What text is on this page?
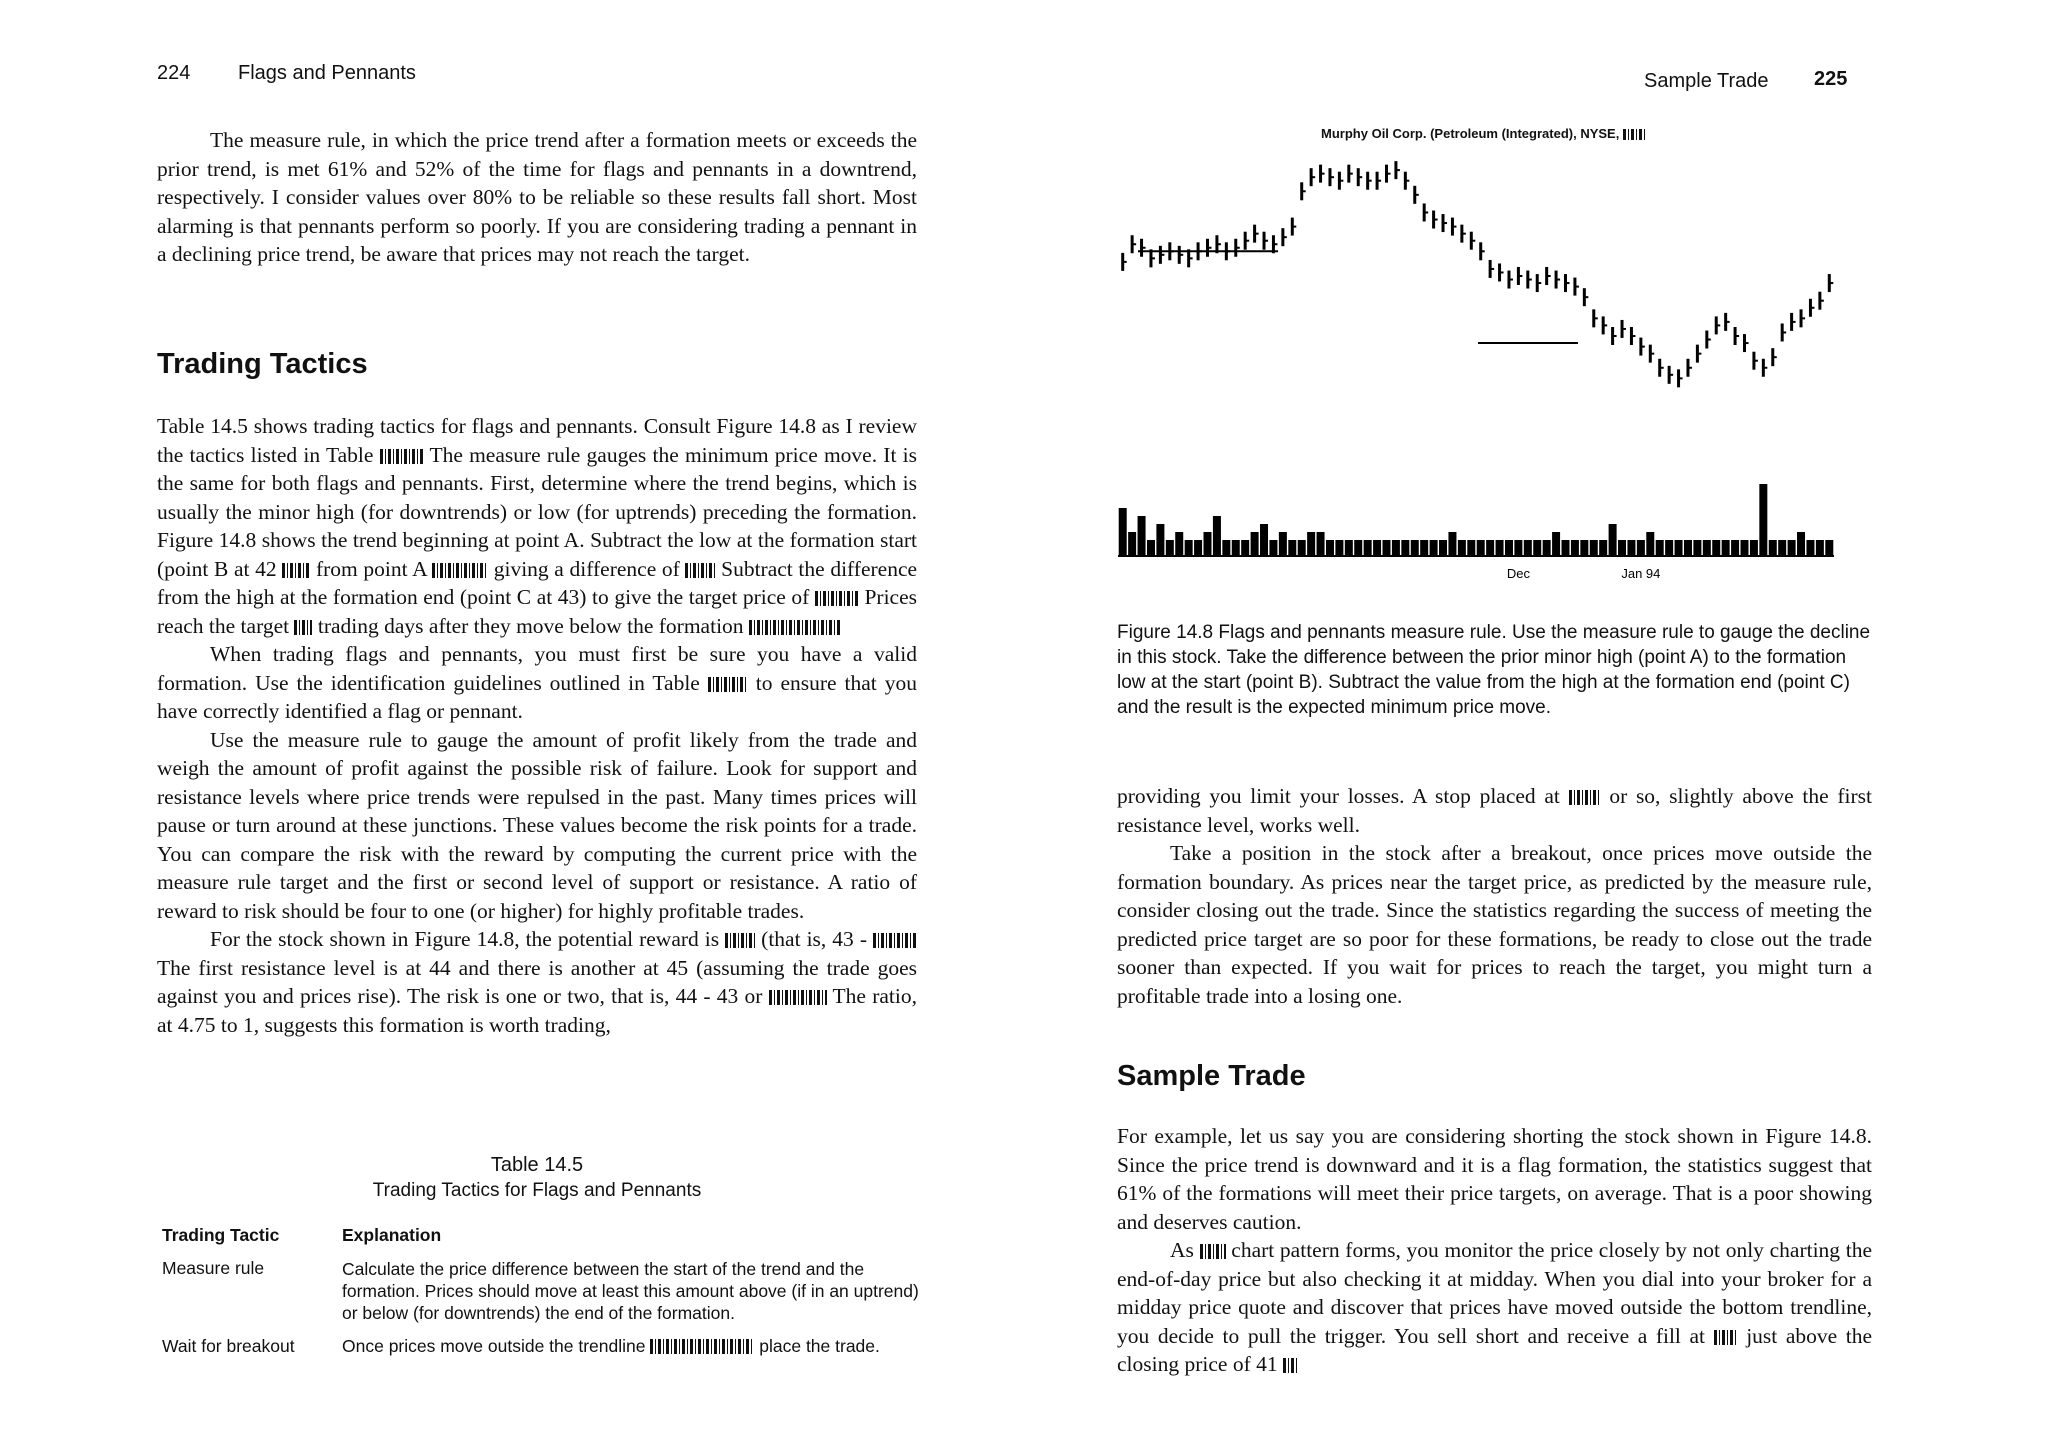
224 Flags and Pennants

The measure rule, in which the price trend after a formation meets or exceeds the prior trend, is met 61% and 52% of the time for flags and pennants in a downtrend, respectively. I consider values over 80% to be reliable so these results fall short. Most alarming is that pennants perform so poorly. If you are considering trading a pennant in a declining price trend, be aware that prices may not reach the target.

Trading Tactics

Table 14.5 shows trading tactics for flags and pennants. Consult Figure 14.8 as I review the tactics listed in Table	The measure rule gauges the minimum price move. It is the same for both flags and pennants. First, determine where the trend begins, which is usually the minor high (for downtrends) or low (for uptrends) preceding the formation. Figure 14.8 shows the trend beginning at point A. Subtract the low at the formation start (point B at 42 from point A	giving a difference of Subtract the difference from the high at the formation end (point C at 43) to give the target price of	Prices reach the target trading days after they move below the formation

When trading flags and pennants, you must first be sure you have a valid formation. Use the identification guidelines outlined in Table	to ensure that you have correctly identified a flag or pennant.

Use the measure rule to gauge the amount of profit likely from the trade and weigh the amount of profit against the possible risk of failure. Look for support and resistance levels where price trends were repulsed in the past. Many times prices will pause or turn around at these junctions. These values become the risk points for a trade. You can compare the risk with the reward by computing the current price with the measure rule target and the first or second level of support or resistance. A ratio of reward to risk should be four to one (or higher) for highly profitable trades.

For the stock shown in Figure 14.8, the potential reward is (that is, 43 -  The first resistance level is at 44 and there is another at 45 (assuming the trade goes against you and prices rise). The risk is one or two, that is, 44 - 43 or	The ratio, at 4.75 to 1, suggests this formation is worth trading,

Table 14.5
Trading Tactics for Flags and Pennants
Trading Tactic	Explanation
Measure rule	Calculate the price difference between the start of the trend and the formation. Prices should move at least this amount above (if in an uptrend) or below (for downtrends) the end of the formation.
Wait for breakout	Once prices move outside the trendline place the trade.
Sample Trade 225
Murphy Oil Corp. (Petroleum (Integrated), NYSE,
Dec	Jan 94
Figure 14.8 Flags and pennants measure rule. Use the measure rule to gauge the decline in this stock. Take the difference between the prior minor high (point A) to the formation low at the start (point B). Subtract the value from the high at the formation end (point C) and the result is the expected minimum price move.

providing you limit your losses. A stop placed at or so, slightly above the first resistance level, works well.

Take a position in the stock after a breakout, once prices move outside the formation boundary. As prices near the target price, as predicted by the measure rule, consider closing out the trade. Since the statistics regarding the success of meeting the predicted price target are so poor for these formations, be ready to close out the trade sooner than expected. If you wait for prices to reach the target, you might turn a profitable trade into a losing one.

Sample Trade

For example, let us say you are considering shorting the stock shown in Figure 14.8. Since the price trend is downward and it is a flag formation, the statistics suggest that 61% of the formations will meet their price targets, on average. That is a poor showing and deserves caution.

As chart pattern forms, you monitor the price closely by not only charting the end-of-day price but also checking it at midday. When you dial into your broker for a midday price quote and discover that prices have moved outside the bottom trendline, you decide to pull the trigger. You sell short and receive a fill at just above the closing price of 41
